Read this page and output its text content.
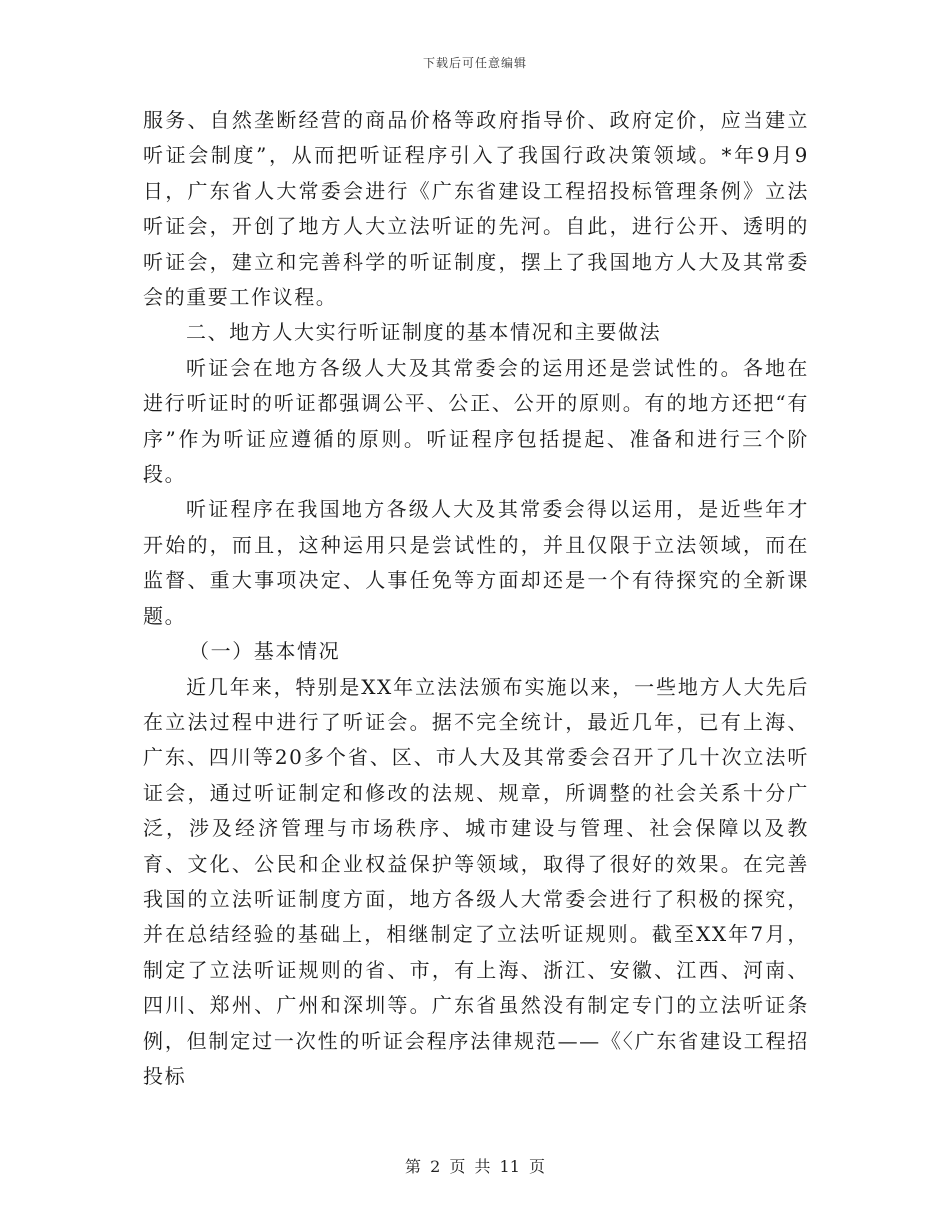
下载后可任意编辑

服务、自然垄断经营的商品价格等政府指导价、政府定价，应当建立听证会制度”，从而把听证程序引入了我国行政决策领域。*年9月9日，广东省人大常委会进行《广东省建设工程招投标管理条例》立法听证会，开创了地方人大立法听证的先河。自此，进行公开、透明的听证会，建立和完善科学的听证制度，摆上了我国地方人大及其常委会的重要工作议程。

二、地方人大实行听证制度的基本情况和主要做法

听证会在地方各级人大及其常委会的运用还是尝试性的。各地在进行听证时的听证都强调公平、公正、公开的原则。有的地方还把“有序”作为听证应遵循的原则。听证程序包括提起、准备和进行三个阶段。

听证程序在我国地方各级人大及其常委会得以运用，是近些年才开始的，而且，这种运用只是尝试性的，并且仅限于立法领域，而在监督、重大事项决定、人事任免等方面却还是一个有待探究的全新课题。

（一）基本情况

近几年来，特别是XX年立法法颁布实施以来，一些地方人大先后在立法过程中进行了听证会。据不完全统计，最近几年，已有上海、广东、四川等20多个省、区、市人大及其常委会召开了几十次立法听证会，通过听证制定和修改的法规、规章，所调整的社会关系十分广泛，涉及经济管理与市场秩序、城市建设与管理、社会保障以及教育、文化、公民和企业权益保护等领域，取得了很好的效果。在完善我国的立法听证制度方面，地方各级人大常委会进行了积极的探究，并在总结经验的基础上，相继制定了立法听证规则。截至XX年7月，制定了立法听证规则的省、市，有上海、浙江、安徽、江西、河南、四川、郑州、广州和深圳等。广东省虽然没有制定专门的立法听证条例，但制定过一次性的听证会程序法律规范——《〈广东省建设工程招投标

第 2 页 共 11 页
